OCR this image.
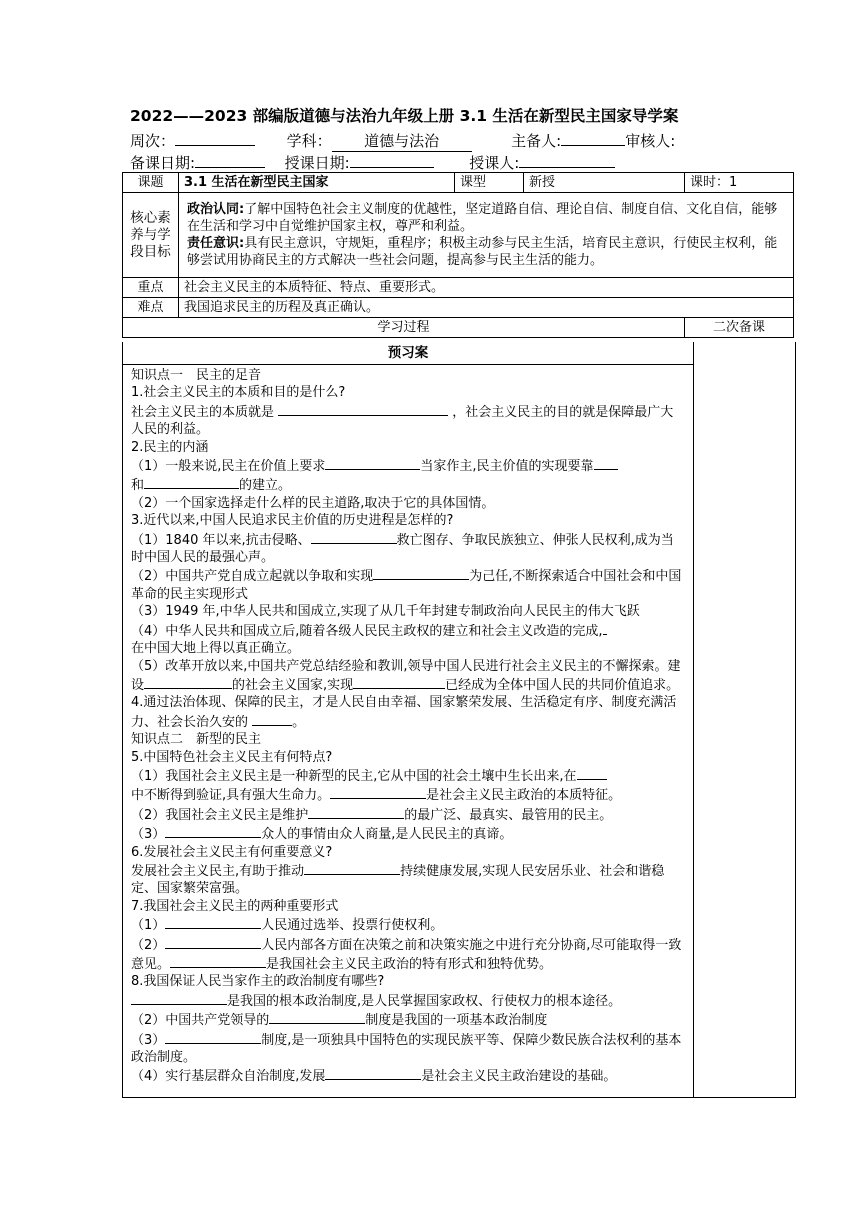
2022——2023 部编版道德与法治九年级上册 3.1 生活在新型民主国家导学案
周次：	学科： 道德与法治	主备人:	审核人:
备课日期:	授课日期:	授课人:
课题	3.1 生活在新型民主国家	课型	新授	课时：1
核心素养与学段目标	政治认同:了解中国特色社会主义制度的优越性，坚定道路自信、理论自信、制度自信、文化自信，能够在生活和学习中自觉维护国家主权，尊严和利益。
责任意识:具有民主意识，守规矩，重程序；积极主动参与民主生活，培育民主意识，行使民主权利，能够尝试用协商民主的方式解决一些社会问题，提高参与民主生活的能力。			
重点	社会主义民主的本质特征、特点、重要形式。			
难点	我国追求民主的历程及真正确认。			
学习过程				二次备课
预习案

知识点一　民主的足音

1.社会主义民主的本质和目的是什么?

社会主义民主的本质就是	，社会主义民主的目的就是保障最广大人民的利益。

2.民主的内涵

（1）一般来说,民主在价值上要求	当家作主,民主价值的实现要靠
和	的建立。

（2）一个国家选择走什么样的民主道路,取决于它的具体国情。

3.近代以来,中国人民追求民主价值的历史进程是怎样的?

（1）1840 年以来,抗击侵略、	救亡图存、争取民族独立、伸张人民权利,成为当时中国人民的最强心声。

（2）中国共产党自成立起就以争取和实现	为己任,不断探索适合中国社会和中国

革命的民主实现形式

（3）1949 年,中华人民共和国成立,实现了从几千年封建专制政治向人民民主的伟大飞跃

（4）中华人民共和国成立后,随着各级人民民主政权的建立和社会主义改造的完成,
在中国大地上得以真正确立。

（5）改革开放以来,中国共产党总结经验和教训,领导中国人民进行社会主义民主的不懈探索。建设	的社会主义国家,实现	已经成为全体中国人民的共同价值追求。

4.通过法治体现、保障的民主，才是人民自由幸福、国家繁荣发展、生活稳定有序、制度充满活力、社会长治久安的	。

知识点二　新型的民主

5.中国特色社会主义民主有何特点?

（1）我国社会主义民主是一种新型的民主,它从中国的社会土壤中生长出来,在
中不断得到验证,具有强大生命力。	是社会主义民主政治的本质特征。

（2）我国社会主义民主是维护	的最广泛、最真实、最管用的民主。

（3）	众人的事情由众人商量,是人民民主的真谛。

6.发展社会主义民主有何重要意义?

发展社会主义民主,有助于推动	持续健康发展,实现人民安居乐业、社会和谐稳定、国家繁荣富强。

7.我国社会主义民主的两种重要形式

（1）	人民通过选举、投票行使权利。

（2）	人民内部各方面在决策之前和决策实施之中进行充分协商,尽可能取得一致意见。	是我国社会主义民主政治的特有形式和独特优势。

8.我国保证人民当家作主的政治制度有哪些?

是我国的根本政治制度,是人民掌握国家政权、行使权力的根本途径。

（2）中国共产党领导的	制度是我国的一项基本政治制度

（3）	制度,是一项独具中国特色的实现民族平等、保障少数民族合法权利的基本政治制度。

（4）实行基层群众自治制度,发展	是社会主义民主政治建设的基础。
